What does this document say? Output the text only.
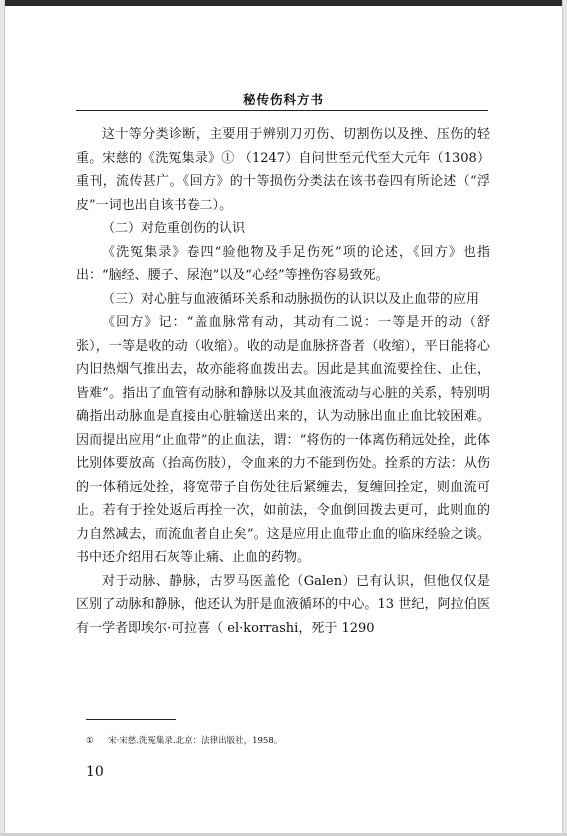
秘传伤科方书

这十等分类诊断，主要用于辨别刀刃伤、切割伤以及挫、压伤的轻重。宋慈的《洗冤集录》① （1247）自问世至元代至大元年（1308）重刊，流传甚广。《回方》的十等损伤分类法在该书卷四有所论述（“浮皮”一词也出自该书卷二）。

（二）对危重创伤的认识

《洗冤集录》卷四“验他物及手足伤死”项的论述，《回方》也指出：“脑经、腰子、尿泡”以及“心经”等挫伤容易致死。

（三）对心脏与血液循环关系和动脉损伤的认识以及止血带的应用

《回方》记：“盖血脉常有动，其动有二说：一等是开的动（舒张），一等是收的动（收缩）。收的动是血脉挤沓者（收缩），平日能将心内旧热烟气推出去，故亦能将血拨出去。因此是其血流要拴住、止住，皆难”。指出了血管有动脉和静脉以及其血液流动与心脏的关系，特别明确指出动脉血是直接由心脏输送出来的，认为动脉出血止血比较困难。因而提出应用“止血带”的止血法，谓：“将伤的一体离伤稍远处拴，此体比别体要放高（抬高伤肢），令血来的力不能到伤处。拴系的方法：从伤的一体稍远处拴，将宽带子自伤处往后紧缠去，复缠回拴定，则血流可止。若有于拴处返后再拴一次，如前法，令血倒回拨去更可，此则血的力自然减去，而流血者自止矣”。这是应用止血带止血的临床经验之谈。书中还介绍用石灰等止痛、止血的药物。

对于动脉、静脉，古罗马医盖伦（Galen）已有认识，但他仅仅是区别了动脉和静脉，他还认为肝是血液循环的中心。13 世纪，阿拉伯医有一学者即埃尔·可拉喜（ el·korrashi，死于 1290

① 宋·宋慈.洗冤集录.北京：法律出版社，1958。
10
